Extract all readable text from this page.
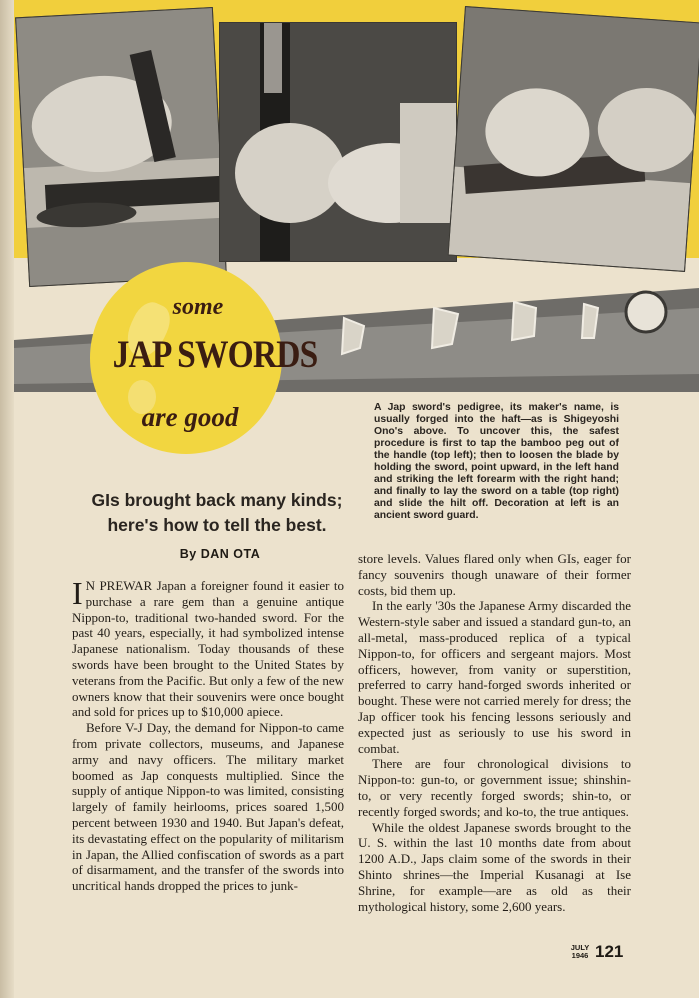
some
JAP SWORDS
are good	A Jap sword's pedigree, its maker's name, is usually forged into the haft—as is Shigeyoshi Ono's above. To uncover this, the safest procedure is first to tap the bamboo peg out of the handle (top left); then to loosen the blade by holding the sword, point upward, in the left hand and striking the left forearm with the right hand; and finally to lay the sword on a table (top right) and slide the hilt off. Decoration at left is an ancient sword guard.
GIs brought back many kinds; here's how to tell the best.
By DAN OTA

I N PREWAR Japan a foreigner found it easier to purchase a rare gem than a genuine antique Nippon-to, traditional two-handed sword. For the past 40 years, especially, it had symbolized intense Japanese nationalism. Today thousands of these swords have been brought to the United States by veterans from the Pacific. But only a few of the new owners know that their souvenirs were once bought and sold for prices up to $10,000 apiece.

Before V-J Day, the demand for Nippon-to came from private collectors, museums, and Japanese army and navy officers. The military market boomed as Jap conquests multiplied. Since the supply of antique Nippon-to was limited, consisting largely of family heirlooms, prices soared 1,500 percent between 1930 and 1940. But Japan's defeat, its devastating effect on the popularity of militarism in Japan, the Allied confiscation of swords as a part of disarmament, and the transfer of the swords into uncritical hands dropped the prices to junk-

store levels. Values flared only when GIs, eager for fancy souvenirs though unaware of their former costs, bid them up.

In the early '30s the Japanese Army discarded the Western-style saber and issued a standard gun-to, an all-metal, mass-produced replica of a typical Nippon-to, for officers and sergeant majors. Most officers, however, from vanity or superstition, preferred to carry hand-forged swords inherited or bought. These were not carried merely for dress; the Jap officer took his fencing lessons seriously and expected just as seriously to use his sword in combat.

There are four chronological divisions to Nippon-to: gun-to, or government issue; shinshin-to, or very recently forged swords; shin-to, or recently forged swords; and ko-to, the true antiques.

While the oldest Japanese swords brought to the U. S. within the last 10 months date from about 1200 A.D., Japs claim some of the swords in their Shinto shrines—the Imperial Kusanagi at Ise Shrine, for example—are as old as their mythological history, some 2,600 years.

JULY
1946 121
